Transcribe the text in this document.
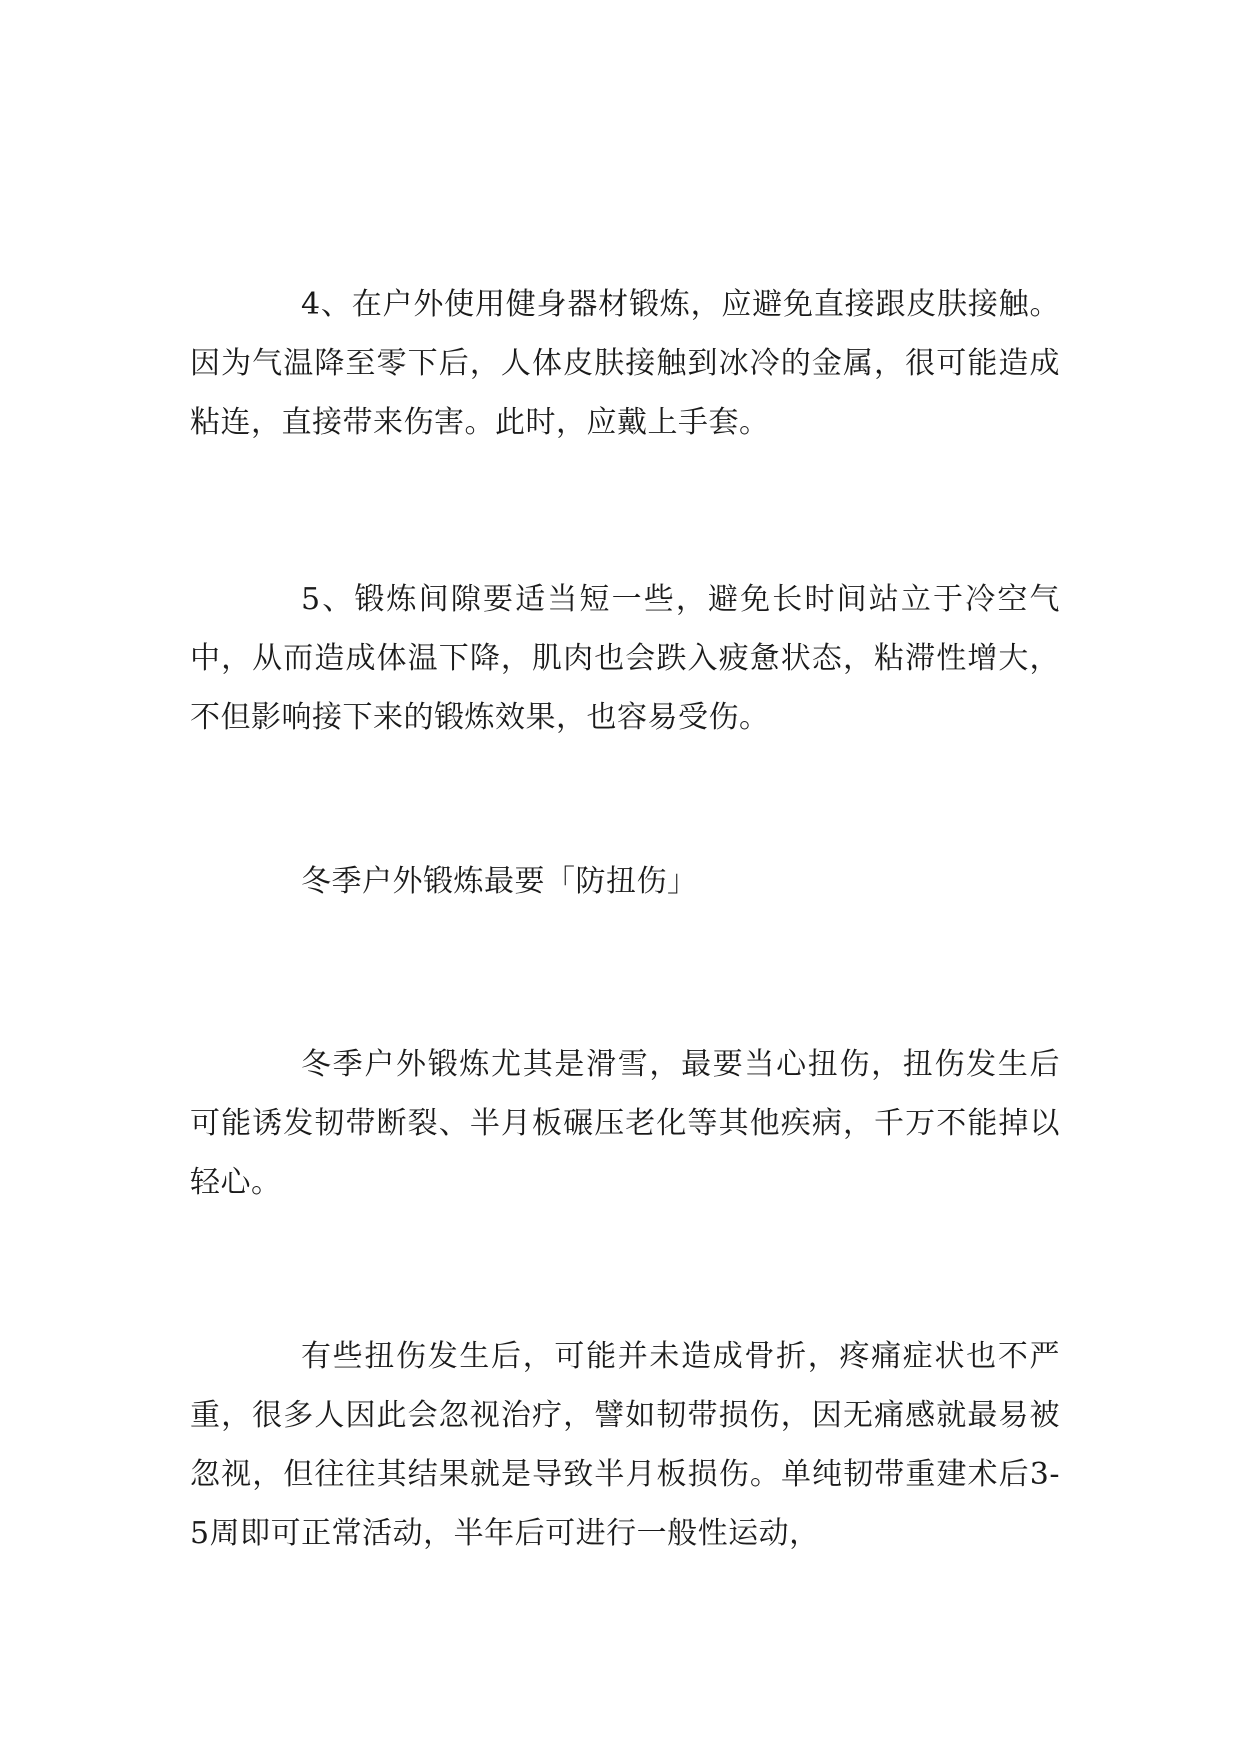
4、在户外使用健身器材锻炼，应避免直接跟皮肤接触。因为气温降至零下后，人体皮肤接触到冰冷的金属，很可能造成粘连，直接带来伤害。此时，应戴上手套。

5、锻炼间隙要适当短一些，避免长时间站立于冷空气中，从而造成体温下降，肌肉也会跌入疲惫状态，粘滞性增大，不但影响接下来的锻炼效果，也容易受伤。

冬季户外锻炼最要「防扭伤」

冬季户外锻炼尤其是滑雪，最要当心扭伤，扭伤发生后可能诱发韧带断裂、半月板碾压老化等其他疾病，千万不能掉以轻心。

有些扭伤发生后，可能并未造成骨折，疼痛症状也不严重，很多人因此会忽视治疗，譬如韧带损伤，因无痛感就最易被忽视，但往往其结果就是导致半月板损伤。单纯韧带重建术后3-5周即可正常活动，半年后可进行一般性运动，
